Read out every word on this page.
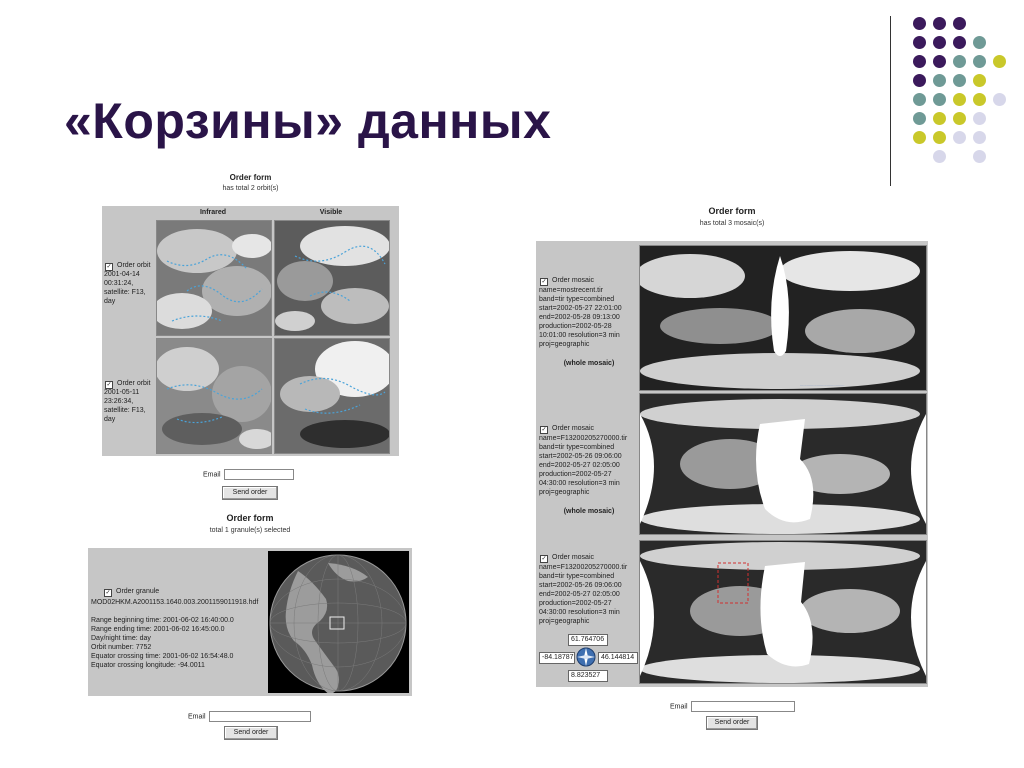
«Корзины» данных
Order form
has total 2 orbit(s)
Infrared	Visible

✓ Order orbit

2001-04-14
00:31:24,
satellite: F13,
day

✓ Order orbit

2001-05-11
23:26:34,
satellite: F13,
day
Email
Send order
Order form
total 1 granule(s) selected

✓ Order granule

MOD02HKM.A2001153.1640.003.2001159011918.hdf
Range beginning time: 2001-06-02 16:40:00.0
Range ending time: 2001-06-02 16:45:00.0
Day/night time: day
Orbit number: 7752
Equator crossing time: 2001-06-02 16:54:48.0
Equator crossing longitude: -94.0011
Email
Send order
Order form
has total 3 mosaic(s)

✓ Order mosaic

name=mostrecent.tir
band=tir type=combined
start=2002-05-27 22:01:00
end=2002-05-28 09:13:00
production=2002-05-28
10:01:00 resolution=3 min
proj=geographic
(whole mosaic)

✓ Order mosaic

name=F13200205270000.tir
band=tir type=combined
start=2002-05-26 09:06:00
end=2002-05-27 02:05:00
production=2002-05-27
04:30:00 resolution=3 min
proj=geographic
(whole mosaic)

✓ Order mosaic

name=F13200205270000.tir
band=tir type=combined
start=2002-05-26 09:06:00
end=2002-05-27 02:05:00
production=2002-05-27
04:30:00 resolution=3 min
proj=geographic
61.764706
-84.18787	46.144814
8.823527
........................................
Email
Send order
